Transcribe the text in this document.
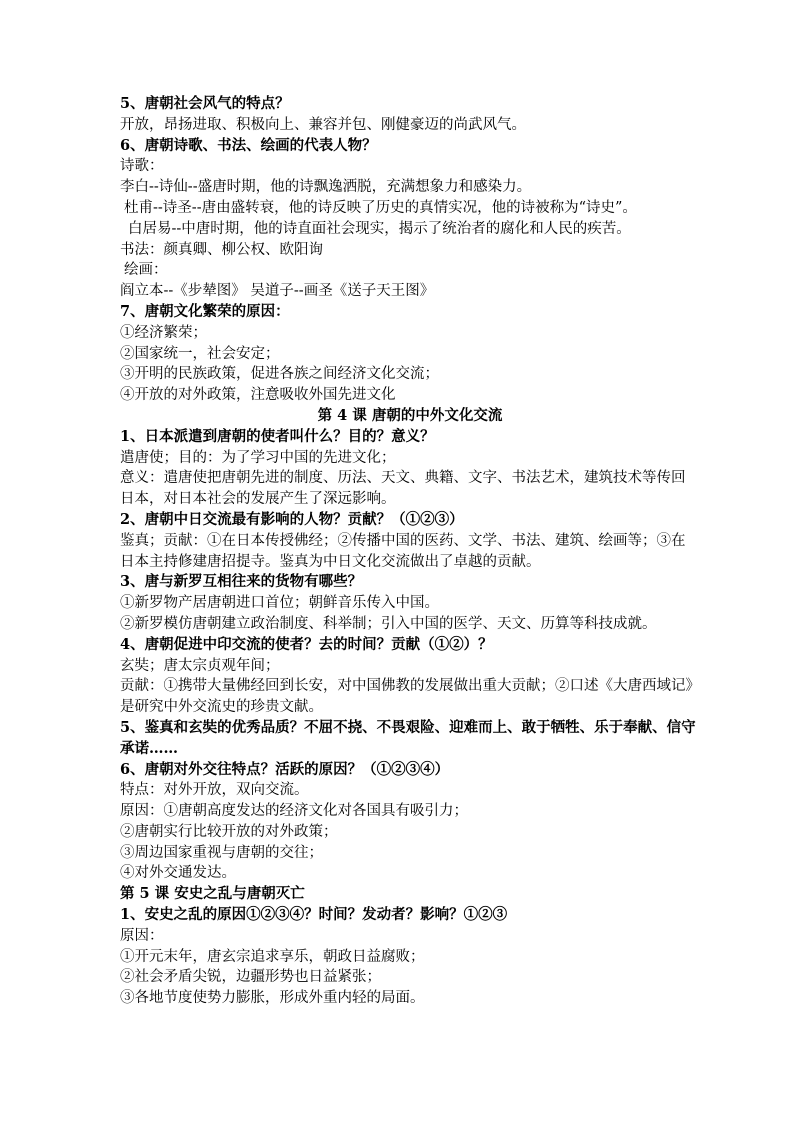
5、唐朝社会风气的特点？
开放，昂扬进取、积极向上、兼容并包、刚健豪迈的尚武风气。
6、唐朝诗歌、书法、绘画的代表人物？
诗歌：
李白--诗仙--盛唐时期，他的诗飘逸洒脱，充满想象力和感染力。
杜甫--诗圣--唐由盛转衰，他的诗反映了历史的真情实况，他的诗被称为“诗史”。
白居易--中唐时期，他的诗直面社会现实，揭示了统治者的腐化和人民的疾苦。
书法：颜真卿、柳公权、欧阳询
绘画：
阎立本--《步辇图》 吴道子--画圣《送子天王图》
7、唐朝文化繁荣的原因：
①经济繁荣；
②国家统一，社会安定；
③开明的民族政策，促进各族之间经济文化交流；
④开放的对外政策，注意吸收外国先进文化
第 4 课 唐朝的中外文化交流
1、日本派遣到唐朝的使者叫什么？目的？意义？
遣唐使；目的：为了学习中国的先进文化；
意义：遣唐使把唐朝先进的制度、历法、天文、典籍、文字、书法艺术，建筑技术等传回
日本，对日本社会的发展产生了深远影响。
2、唐朝中日交流最有影响的人物？贡献？（①②③）
鉴真；贡献：①在日本传授佛经；②传播中国的医药、文学、书法、建筑、绘画等；③在
日本主持修建唐招提寺。鉴真为中日文化交流做出了卓越的贡献。
3、唐与新罗互相往来的货物有哪些？
①新罗物产居唐朝进口首位；朝鲜音乐传入中国。
②新罗模仿唐朝建立政治制度、科举制；引入中国的医学、天文、历算等科技成就。
4、唐朝促进中印交流的使者？去的时间？贡献（①②）？
玄奘；唐太宗贞观年间；
贡献：①携带大量佛经回到长安，对中国佛教的发展做出重大贡献；②口述《大唐西域记》
是研究中外交流史的珍贵文献。
5、鉴真和玄奘的优秀品质？不屈不挠、不畏艰险、迎难而上、敢于牺牲、乐于奉献、信守
承诺……
6、唐朝对外交往特点？活跃的原因？（①②③④）
特点：对外开放，双向交流。
原因：①唐朝高度发达的经济文化对各国具有吸引力；
②唐朝实行比较开放的对外政策；
③周边国家重视与唐朝的交往；
④对外交通发达。
第 5 课 安史之乱与唐朝灭亡
1、安史之乱的原因①②③④？时间？发动者？影响？①②③
原因：
①开元末年，唐玄宗追求享乐，朝政日益腐败；
②社会矛盾尖锐，边疆形势也日益紧张；
③各地节度使势力膨胀，形成外重内轻的局面。
